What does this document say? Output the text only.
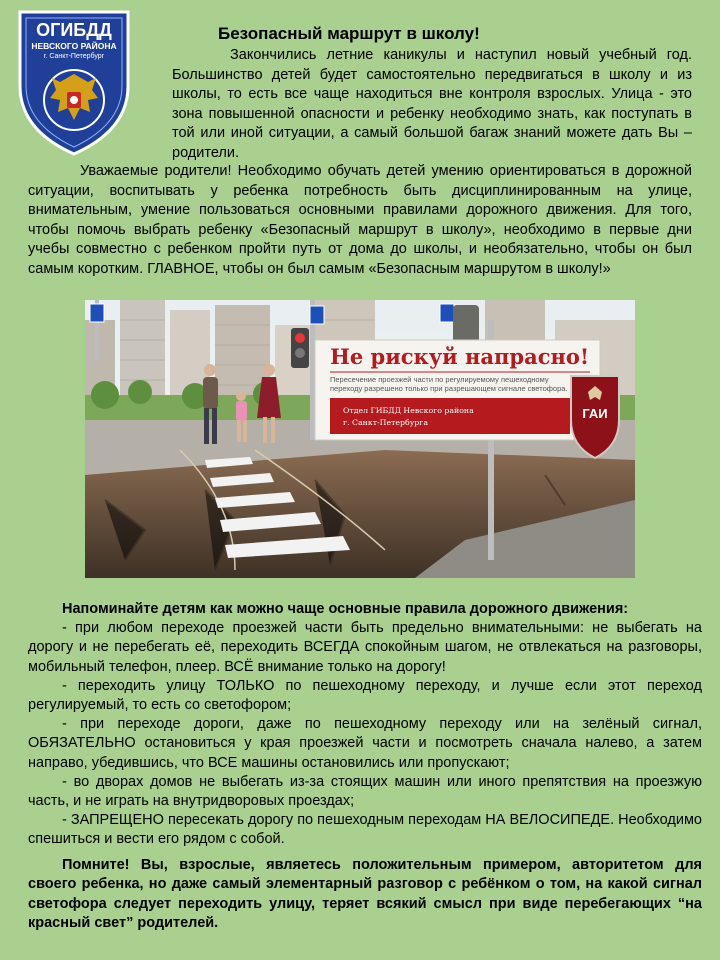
ОГИБДД
НЕВСКОГО РАЙОНА
г. Санкт-Петербург
Безопасный маршрут в школу!

Закончились летние каникулы и наступил новый учебный год. Большинство детей будет самостоятельно передвигаться в школу и из школы, то есть все чаще находиться вне контроля взрослых. Улица - это зона повышенной опасности и ребенку необходимо знать, как поступать в той или иной ситуации, а самый большой багаж знаний можете дать Вы – родители.

Уважаемые родители! Необходимо обучать детей умению ориентироваться в дорожной ситуации, воспитывать у ребенка потребность быть дисциплинированным на улице, внимательным, умение пользоваться основными правилами дорожного движения. Для того, чтобы помочь выбрать ребенку «Безопасный маршрут в школу», необходимо в первые дни учебы совместно с ребенком пройти путь от дома до школы, и необязательно, чтобы он был самым коротким. ГЛАВНОЕ, чтобы он был самым «Безопасным маршрутом в школу!»

Не рискуй напрасно!
Пересечение проезжей части по регулируемому пешеходному
переходу разрешено только при разрешающем сигнале светофора.
Отдел ГИБДД Невского района
г. Санкт-Петербурга
ГАИ

Напоминайте детям как можно чаще основные правила дорожного движения:

- при любом переходе проезжей части быть предельно внимательными: не выбегать на дорогу и не перебегать её, переходить ВСЕГДА спокойным шагом, не отвлекаться на разговоры, мобильный телефон, плеер. ВСЁ внимание только на дорогу!

- переходить улицу ТОЛЬКО по пешеходному переходу, и лучше если этот переход регулируемый, то есть со светофором;

- при переходе дороги, даже по пешеходному переходу или на зелёный сигнал, ОБЯЗАТЕЛЬНО остановиться у края проезжей части и посмотреть сначала налево, а затем направо, убедившись, что ВСЕ машины остановились или пропускают;

- во дворах домов не выбегать из-за стоящих машин или иного препятствия на проезжую часть, и не играть на внутридворовых проездах;

- ЗАПРЕЩЕНО пересекать дорогу по пешеходным переходам НА ВЕЛОСИПЕДЕ. Необходимо спешиться и вести его рядом с собой.

Помните! Вы, взрослые, являетесь положительным примером, авторитетом для своего ребенка, но даже самый элементарный разговор с ребёнком о том, на какой сигнал светофора следует переходить улицу, теряет всякий смысл при виде перебегающих “на красный свет” родителей.
